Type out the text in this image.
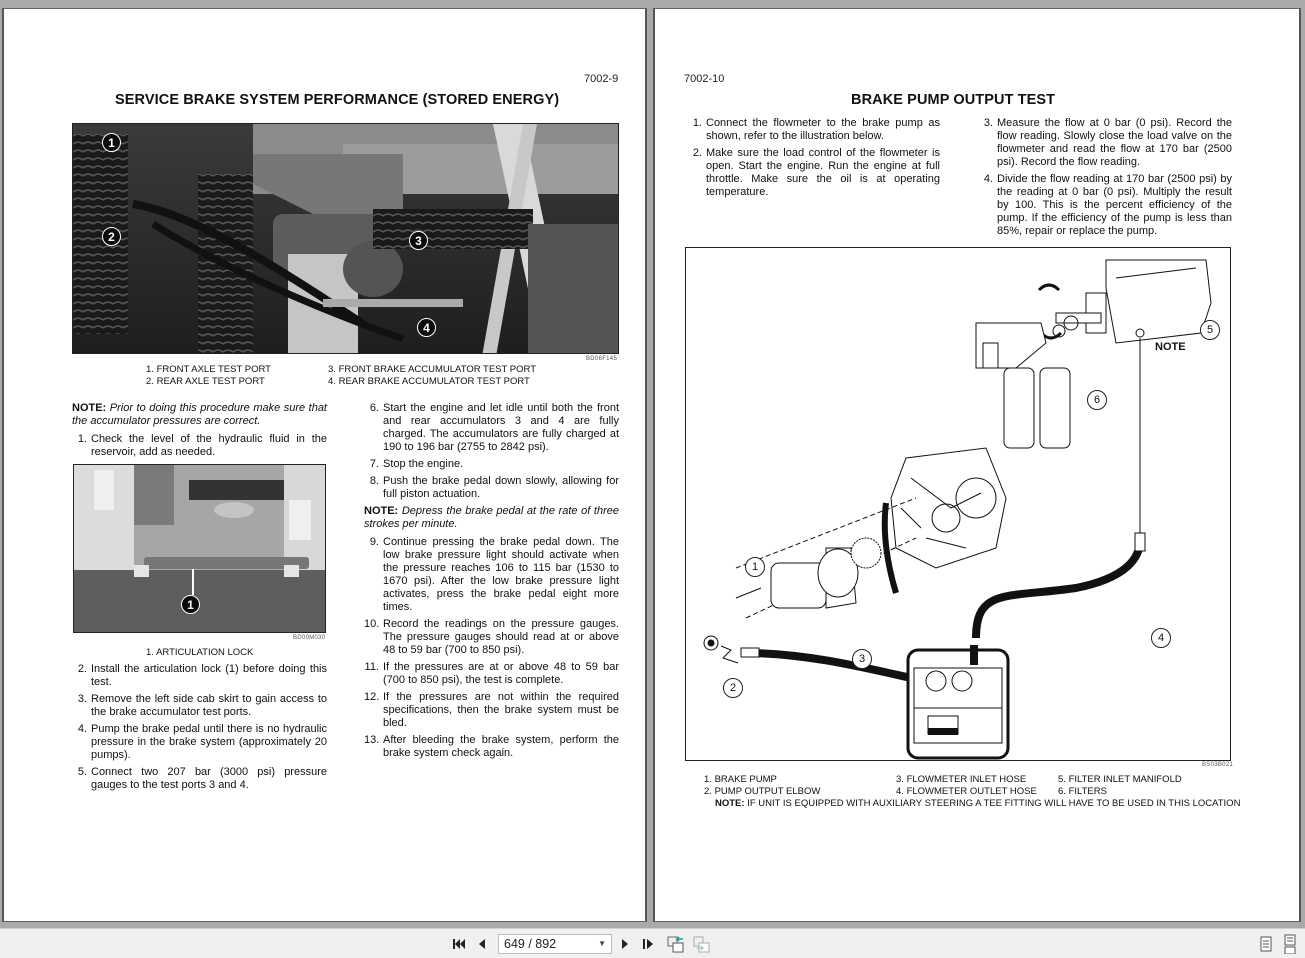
7002-9
SERVICE BRAKE SYSTEM PERFORMANCE (STORED ENERGY)
1
2	3
4
BD06F145
1. FRONT AXLE TEST PORT	3. FRONT BRAKE ACCUMULATOR TEST PORT
2. REAR AXLE TEST PORT	4. REAR BRAKE ACCUMULATOR TEST PORT
NOTE: Prior to doing this procedure make sure that the accumulator pressures are correct.
1. Check the level of the hydraulic fluid in the reservoir, add as needed.
1
BD00M030
1. ARTICULATION LOCK
2. Install the articulation lock (1) before doing this test.
3. Remove the left side cab skirt to gain access to the brake accumulator test ports.
4. Pump the brake pedal until there is no hydraulic pressure in the brake system (approximately 20 pumps).
5. Connect two 207 bar (3000 psi) pressure gauges to the test ports 3 and 4.
6. Start the engine and let idle until both the front and rear accumulators 3 and 4 are fully charged. The accumulators are fully charged at 190 to 196 bar (2755 to 2842 psi).
7. Stop the engine.
8. Push the brake pedal down slowly, allowing for full piston actuation.
NOTE: Depress the brake pedal at the rate of three strokes per minute.
9. Continue pressing the brake pedal down. The low brake pressure light should activate when the pressure reaches 106 to 115 bar (1530 to 1670 psi). After the low brake pressure light activates, press the brake pedal eight more times.
10. Record the readings on the pressure gauges. The pressure gauges should read at or above 48 to 59 bar (700 to 850 psi).
11. If the pressures are at or above 48 to 59 bar (700 to 850 psi), the test is complete.
12. If the pressures are not within the required specifications, then the brake system must be bled.
13. After bleeding the brake system, perform the brake system check again.
7002-10
BRAKE PUMP OUTPUT TEST
1. Connect the flowmeter to the brake pump as shown, refer to the illustration below.
2. Make sure the load control of the flowmeter is open. Start the engine. Run the engine at full throttle. Make sure the oil is at operating temperature.
3. Measure the flow at 0 bar (0 psi). Record the flow reading. Slowly close the load valve on the flowmeter and read the flow at 170 bar (2500 psi). Record the flow reading.
4. Divide the flow reading at 170 bar (2500 psi) by the reading at 0 bar (0 psi). Multiply the result by 100. This is the percent efficiency of the pump. If the efficiency of the pump is less than 85%, repair or replace the pump.
1
2
3
4
5
6
NOTE
BS03B021
1. BRAKE PUMP	3. FLOWMETER INLET HOSE	5. FILTER INLET MANIFOLD
2. PUMP OUTPUT ELBOW	4. FLOWMETER OUTLET HOSE	6. FILTERS
NOTE:
IF UNIT IS EQUIPPED WITH AUXILIARY STEERING A TEE FITTING WILL HAVE TO BE USED IN THIS LOCATION
649 / 892	▼
